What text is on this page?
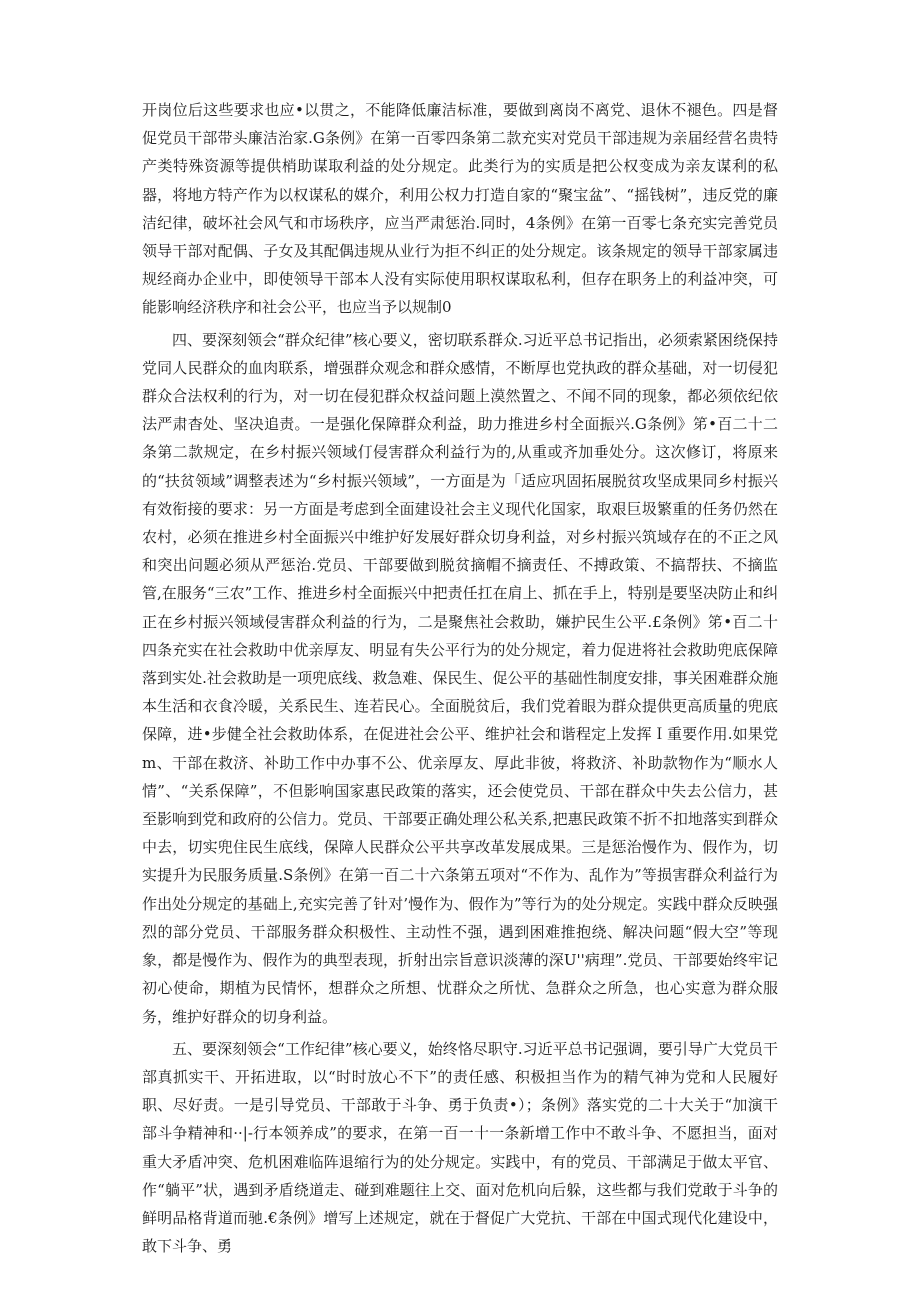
开岗位后这些要求也应•以贯之，不能降低廉洁标准，要做到离岗不离党、退休不褪色。四是督促党员干部带头廉洁治家.G条例》在第一百零四条第二款充实对党员干部违规为亲届经营名贵特产类特殊资源等提供梢助谋取利益的处分规定。此类行为的实质是把公权变成为亲友谋利的私器，将地方特产作为以权谋私的媒介，利用公权力打造自家的“聚宝盆”、“摇钱树”，违反党的廉洁纪律，破坏社会风气和市场秩序，应当严肃惩治.同时，4条例》在第一百零七条充实完善党员领导干部对配偶、子女及其配偶违规从业行为拒不纠正的处分规定。该条规定的领导干部家属违规经商办企业中，即使领导干部本人没有实际使用职权谋取私利，但存在职务上的利益冲突，可能影响经济秩序和社会公平，也应当予以规制0

四、要深刻领会“群众纪律”核心要义，密切联系群众.习近平总书记指出，必须索紧困绕保持党同人民群众的血肉联系，增强群众观念和群众感情，不断厚也党执政的群众基础，对一切侵犯群众合法权利的行为，对一切在侵犯群众权益问题上漠然置之、不闻不同的现象，都必须依纪依法严肃杳处、坚决追责。一是强化保障群众利益，助力推进乡村全面振兴.G条例》笫•百二十二条第二款规定，在乡村振兴领域仃侵害群众利益行为的,从重或齐加垂处分。这次修订，将原来的“扶贫领域”调整表述为“乡村振兴领域”，一方面是为「适应巩固拓展脱贫攻坚成果同乡村振兴有效衔接的要求：另一方面是考虑到全面建设社会主义现代化国家，取艰巨圾繁重的任务仍然在农村，必须在推进乡村全面振兴中维护好发展好群众切身利益，对乡村振兴筑域存在的不正之风和突出问题必须从严惩治.党员、干部要做到脱贫摘帽不摘责任、不搏政策、不搞帮扶、不摘监管,在服务“三农”工作、推进乡村全面振兴中把责任扛在肩上、抓在手上，特别是要坚决防止和纠正在乡村振兴领域侵害群众利益的行为，二是聚焦社会救助，嫌护民生公平.£条例》笫•百二十四条充实在社会救助中优亲厚友、明显有失公平行为的处分规定，着力促进将社会救助兜底保障落到实处.社会救助是一项兜底线、救急难、保民生、促公平的基础性制度安排，事关困难群众施本生活和衣食冷暖，关系民生、连若民心。全面脱贫后，我们党着眼为群众提供更高质量的兜底保障，进•步健全社会救助体系，在促进社会公平、维护社会和谐程定上发挥Ｉ重要作用.如果党m、干部在救济、补助工作中办事不公、优亲厚友、厚此非彼，将救济、补助款物作为“顺水人情”、“关系保障”，不但影响国家惠民政策的落实，还会使党员、干部在群众中失去公信力，甚至影响到党和政府的公信力。党员、干部要正确处理公私关系,把惠民政策不折不扣地落实到群众中去，切实兜住民生底线，保障人民群众公平共享改革发展成果。三是惩治慢作为、假作为，切实提升为民服务质量.S条例》在第一百二十六条第五项对“不作为、乱作为”等损害群众利益行为作出处分规定的基础上,充实完善了针对’慢作为、假作为”等行为的处分规定。实践中群众反映强烈的部分党员、干部服务群众积极性、主动性不强，遇到困难推抱绕、解决问题“假大空”等现象，都是慢作为、假作为的典型表现，折射出宗旨意识淡薄的深U''病理”.党员、干部要始终牢记初心使命，期植为民情怀，想群众之所想、忧群众之所忧、急群众之所急，也心实意为群众服务，维护好群众的切身利益。

五、要深刻领会“工作纪律”核心要义，始终恪尽职守.习近平总书记强调，要引导广大党员干部真抓实干、开拓进取，以“时时放心不下”的责任感、积极担当作为的精气神为党和人民履好职、尽好责。一是引导党员、干部敢于斗争、勇于负责•）；条例》落实党的二十大关于“加演干部斗争精神和··|-行本领养成”的要求，在第一百一十一条新增工作中不敢斗争、不愿担当，面对重大矛盾冲突、危机困难临阵退缩行为的处分规定。实践中，有的党员、干部满足于做太平官、作“躺平”状，遇到矛盾绕道走、碰到难题往上交、面对危机向后躲，这些都与我们党敢于斗争的鲜明品格背道而驰.€条例》增写上述规定，就在于督促广大党抗、干部在中国式现代化建设中，敢下斗争、勇
